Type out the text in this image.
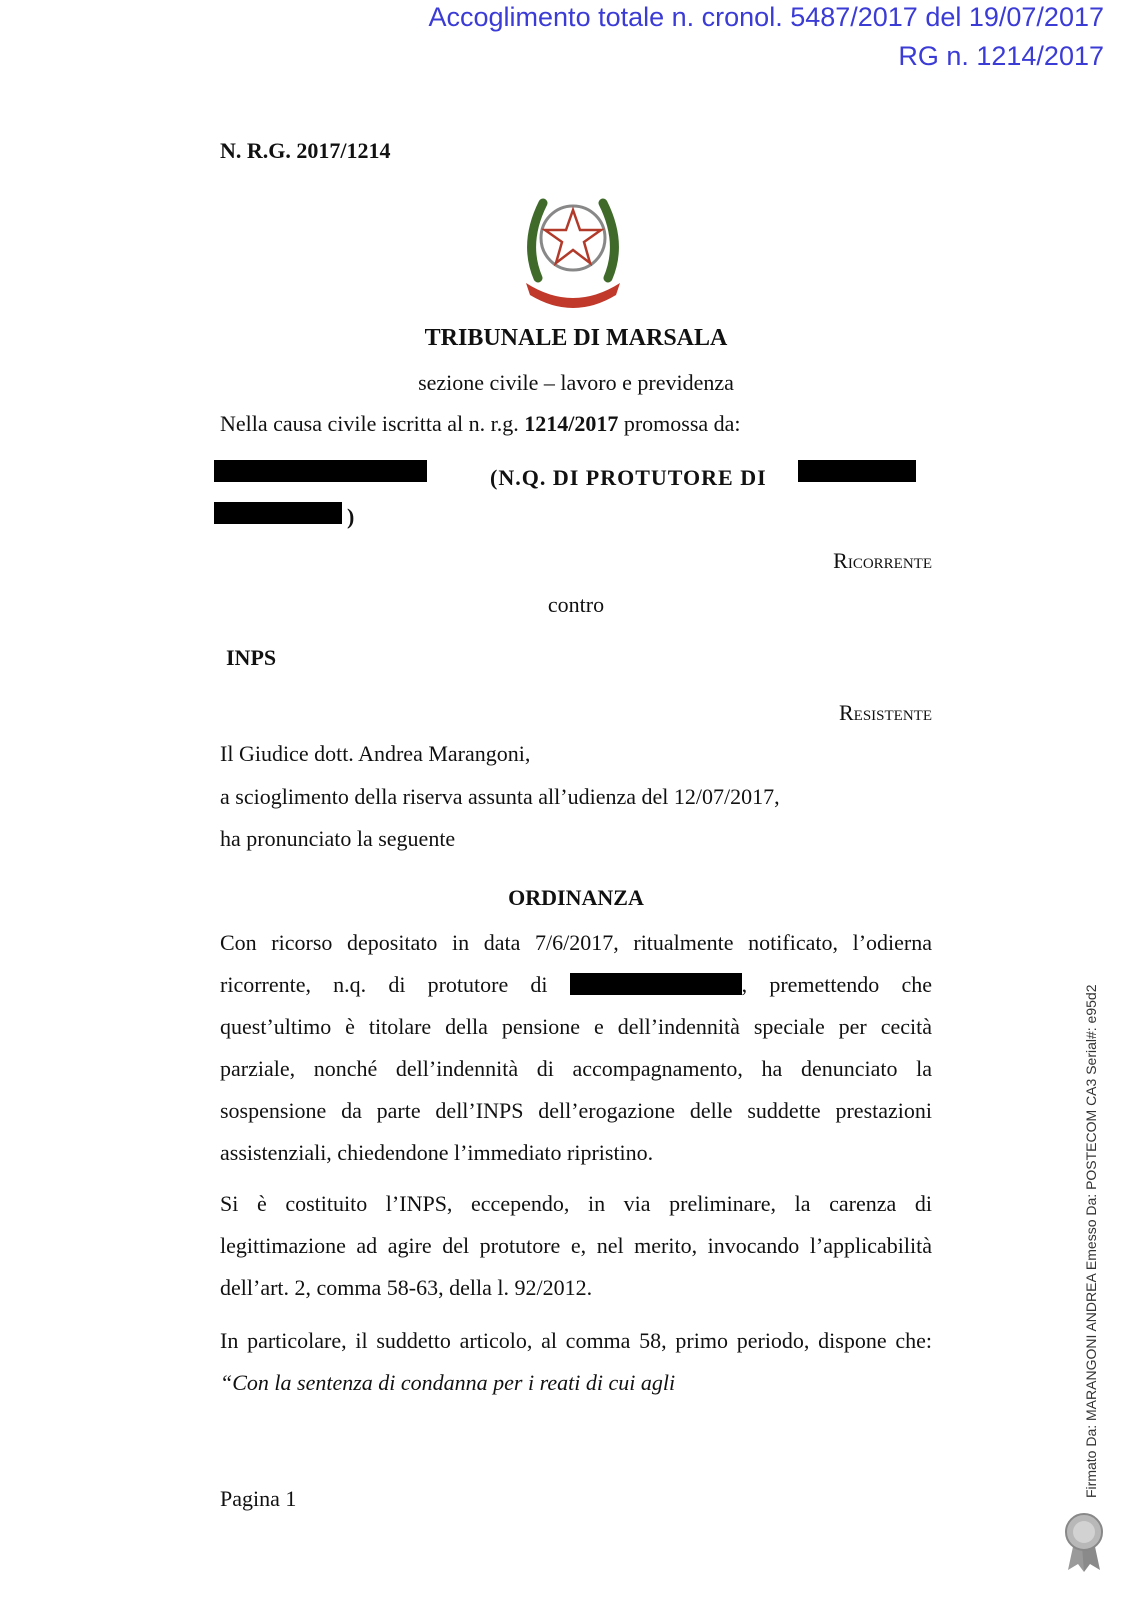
Accoglimento totale n. cronol. 5487/2017 del 19/07/2017
RG n. 1214/2017
N. R.G. 2017/1214
TRIBUNALE DI MARSALA
sezione civile – lavoro e previdenza
Nella causa civile iscritta al n. r.g. 1214/2017 promossa da:
(N.Q. DI PROTUTORE DI
)
Ricorrente
contro
INPS
Resistente
Il Giudice dott. Andrea Marangoni,
a scioglimento della riserva assunta all’udienza del 12/07/2017,
ha pronunciato la seguente
ORDINANZA
Con ricorso depositato in data 7/6/2017, ritualmente notificato, l’odierna ricorrente, n.q. di protutore di	, premettendo che quest’ultimo è titolare della pensione e dell’indennità speciale per cecità parziale, nonché dell’indennità di accompagnamento, ha denunciato la sospensione da parte dell’INPS dell’erogazione delle suddette prestazioni assistenziali, chiedendone l’immediato ripristino.
Si è costituito l’INPS, eccependo, in via preliminare, la carenza di legittimazione ad agire del protutore e, nel merito, invocando l’applicabilità dell’art. 2, comma 58-63, della l. 92/2012.
In particolare, il suddetto articolo, al comma 58, primo periodo, dispone che: “Con la sentenza di condanna per i reati di cui agli
Pagina 1
Firmato Da: MARANGONI ANDREA Emesso Da: POSTECOM CA3 Serial#: e95d2
